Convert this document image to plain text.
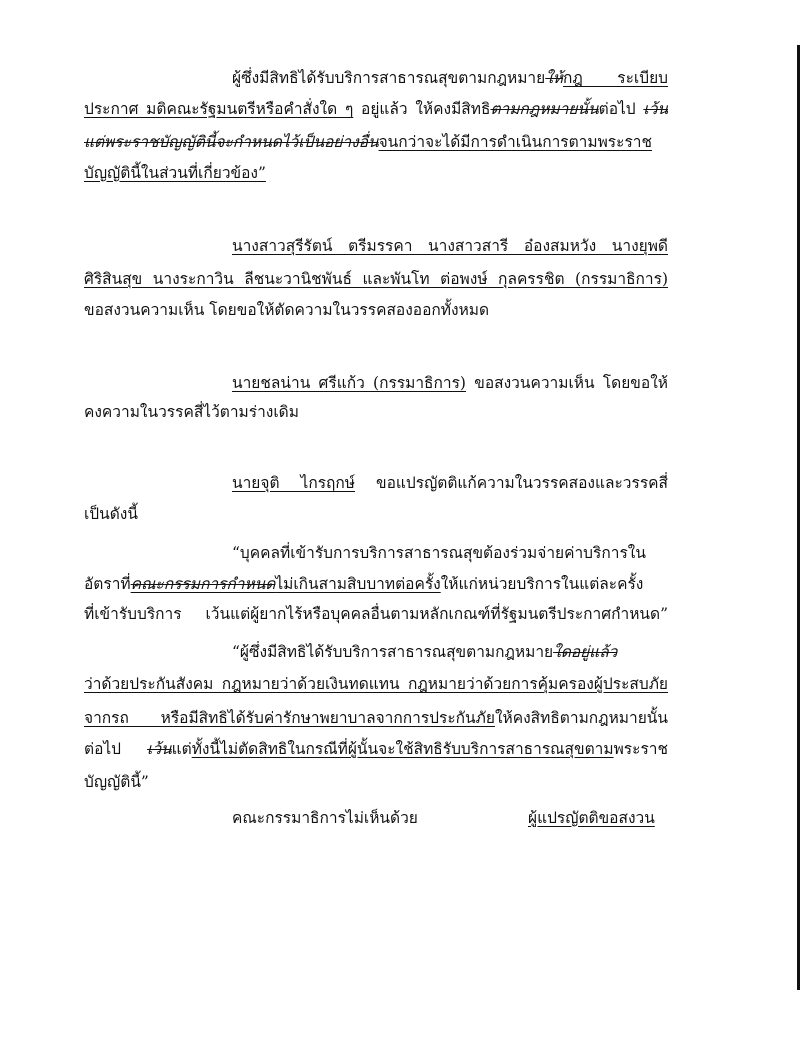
ผู้ซึ่งมีสิทธิได้รับบริการสาธารณสุขตามกฎหมายให้กฎ ระเบียบ
ประกาศ มติคณะรัฐมนตรีหรือคำสั่งใด ๆ อยู่แล้ว ให้คงมีสิทธิตามกฎหมายนั้นต่อไป เว้น
แต่พระราชบัญญัตินี้จะกำหนดไว้เป็นอย่างอื่นจนกว่าจะได้มีการดำเนินการตามพระราช
บัญญัตินี้ในส่วนที่เกี่ยวข้อง”
นางสาวสุรีรัตน์ ตรีมรรคา นางสาวสารี อ๋องสมหวัง นางยุพดี
ศิริสินสุข นางระกาวิน ลีชนะวานิชพันธ์ และพันโท ต่อพงษ์ กุลครรชิต (กรรมาธิการ)
ขอสงวนความเห็น โดยขอให้ตัดความในวรรคสองออกทั้งหมด
นายชลน่าน ศรีแก้ว (กรรมาธิการ) ขอสงวนความเห็น โดยขอให้
คงความในวรรคสี่ไว้ตามร่างเดิม
นายจุติ ไกรฤกษ์ ขอแปรญัตติแก้ความในวรรคสองและวรรคสี่
เป็นดังนี้
“บุคคลที่เข้ารับการบริการสาธารณสุขต้องร่วมจ่ายค่าบริการใน
อัตราที่คณะกรรมการกำหนดไม่เกินสามสิบบาทต่อครั้งให้แก่หน่วยบริการในแต่ละครั้ง
ที่เข้ารับบริการ เว้นแต่ผู้ยากไร้หรือบุคคลอื่นตามหลักเกณฑ์ที่รัฐมนตรีประกาศกำหนด”
“ผู้ซึ่งมีสิทธิได้รับบริการสาธารณสุขตามกฎหมายใดอยู่แล้ว
ว่าด้วยประกันสังคม กฎหมายว่าด้วยเงินทดแทน กฎหมายว่าด้วยการคุ้มครองผู้ประสบภัย
จากรถ หรือมีสิทธิได้รับค่ารักษาพยาบาลจากการประกันภัยให้คงสิทธิตามกฎหมายนั้น
ต่อไป เว้นแต่ทั้งนี้ไม่ตัดสิทธิในกรณีที่ผู้นั้นจะใช้สิทธิรับบริการสาธารณสุขตามพระราช
บัญญัตินี้”
คณะกรรมาธิการไม่เห็นด้วย	ผู้แปรญัตติขอสงวน
